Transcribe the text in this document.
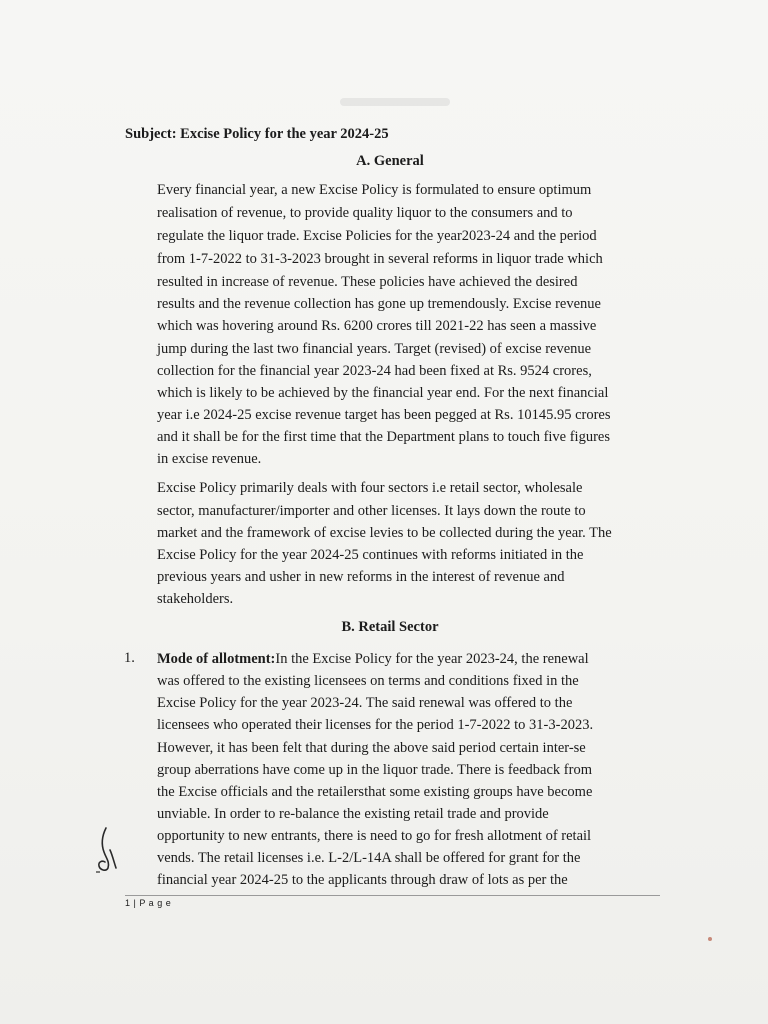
Subject: Excise Policy for the year 2024-25
A. General
Every financial year, a new Excise Policy is formulated to ensure optimum
realisation of revenue, to provide quality liquor to the consumers and to
regulate the liquor trade. Excise Policies for the year2023-24 and the period
from 1-7-2022 to 31-3-2023 brought in several reforms in liquor trade which
resulted in increase of revenue. These policies have achieved the desired
results and the revenue collection has gone up tremendously. Excise revenue
which was hovering around Rs. 6200 crores till 2021-22 has seen a massive
jump during the last two financial years. Target (revised) of excise revenue
collection for the financial year 2023-24 had been fixed at Rs. 9524 crores,
which is likely to be achieved by the financial year end. For the next financial
year i.e 2024-25 excise revenue target has been pegged at Rs. 10145.95 crores
and it shall be for the first time that the Department plans to touch five figures
in excise revenue.
Excise Policy primarily deals with four sectors i.e retail sector, wholesale
sector, manufacturer/importer and other licenses. It lays down the route to
market and the framework of excise levies to be collected during the year. The
Excise Policy for the year 2024-25 continues with reforms initiated in the
previous years and usher in new reforms in the interest of revenue and
stakeholders.
B. Retail Sector
1. Mode of allotment:In the Excise Policy for the year 2023-24, the renewal
was offered to the existing licensees on terms and conditions fixed in the
Excise Policy for the year 2023-24. The said renewal was offered to the
licensees who operated their licenses for the period 1-7-2022 to 31-3-2023.
However, it has been felt that during the above said period certain inter-se
group aberrations have come up in the liquor trade. There is feedback from
the Excise officials and the retailersthat some existing groups have become
unviable. In order to re-balance the existing retail trade and provide
opportunity to new entrants, there is need to go for fresh allotment of retail
vends. The retail licenses i.e. L-2/L-14A shall be offered for grant for the
financial year 2024-25 to the applicants through draw of lots as per the
1 | P a g e
